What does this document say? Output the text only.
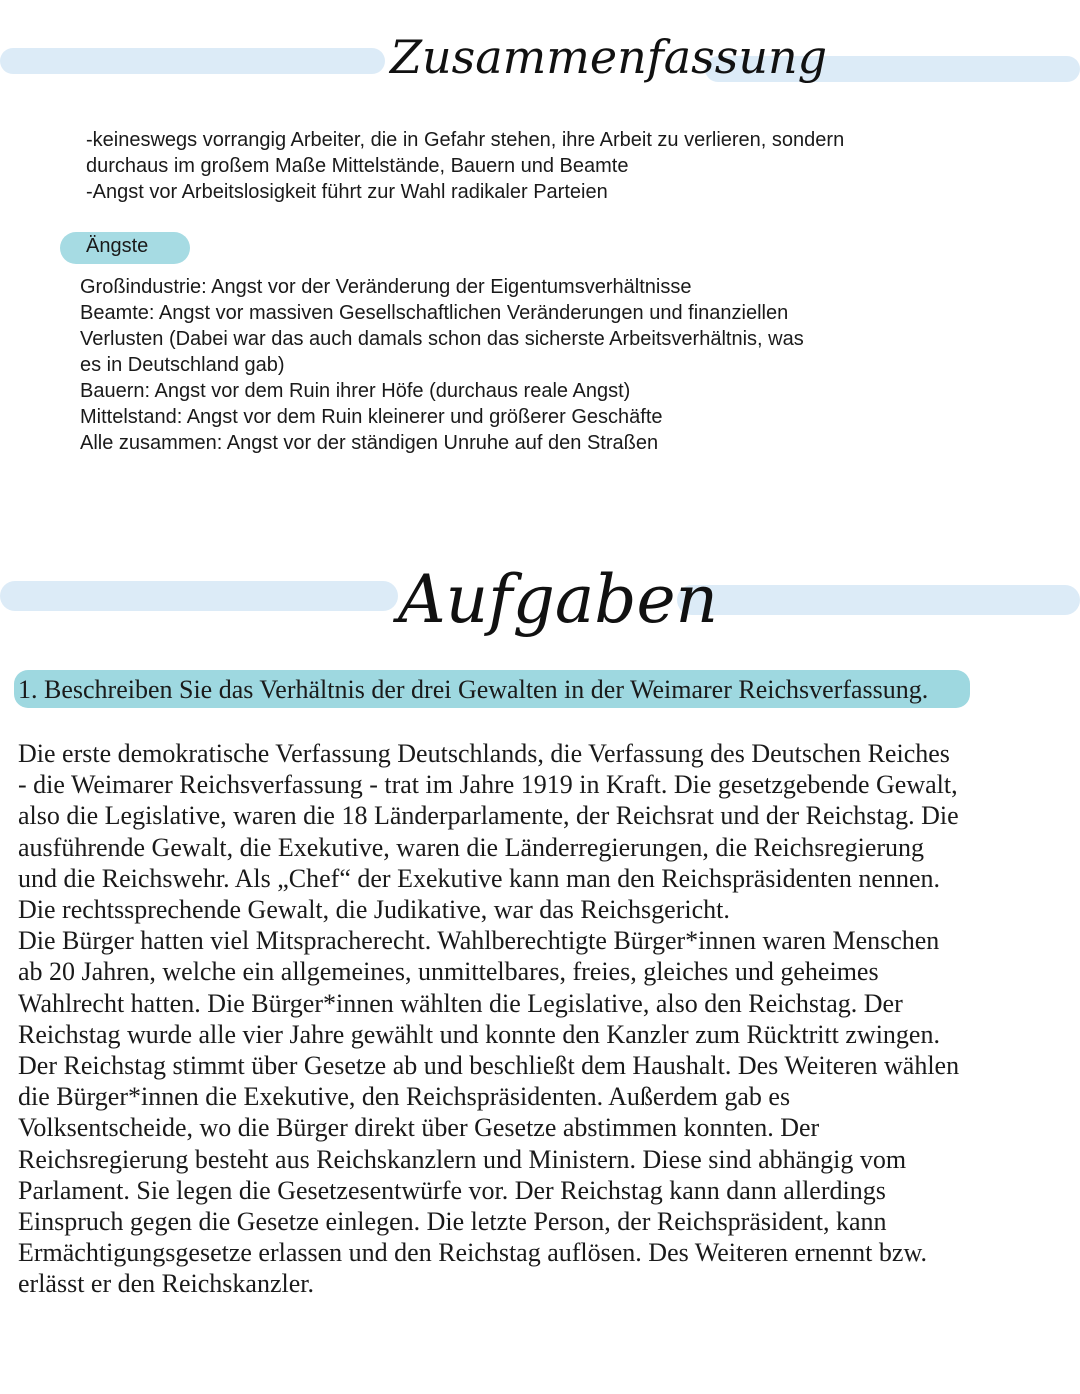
Zusammenfassung
-keineswegs vorrangig Arbeiter, die in Gefahr stehen, ihre Arbeit zu verlieren, sondern
durchaus im großem Maße Mittelstände, Bauern und Beamte
-Angst vor Arbeitslosigkeit führt zur Wahl radikaler Parteien
Ängste
Großindustrie: Angst vor der Veränderung der Eigentumsverhältnisse
Beamte: Angst vor massiven Gesellschaftlichen Veränderungen und finanziellen
Verlusten (Dabei war das auch damals schon das sicherste Arbeitsverhältnis, was
es in Deutschland gab)
Bauern: Angst vor dem Ruin ihrer Höfe (durchaus reale Angst)
Mittelstand: Angst vor dem Ruin kleinerer und größerer Geschäfte
Alle zusammen: Angst vor der ständigen Unruhe auf den Straßen
Aufgaben
1. Beschreiben Sie das Verhältnis der drei Gewalten in der Weimarer Reichsverfassung.
Die erste demokratische Verfassung Deutschlands, die Verfassung des Deutschen Reiches
- die Weimarer Reichsverfassung - trat im Jahre 1919 in Kraft. Die gesetzgebende Gewalt,
also die Legislative, waren die 18 Länderparlamente, der Reichsrat und der Reichstag. Die
ausführende Gewalt, die Exekutive, waren die Länderregierungen, die Reichsregierung
und die Reichswehr. Als „Chef“ der Exekutive kann man den Reichspräsidenten nennen.
Die rechtssprechende Gewalt, die Judikative, war das Reichsgericht.
Die Bürger hatten viel Mitspracherecht. Wahlberechtigte Bürger*innen waren Menschen
ab 20 Jahren, welche ein allgemeines, unmittelbares, freies, gleiches und geheimes
Wahlrecht hatten. Die Bürger*innen wählten die Legislative, also den Reichstag. Der
Reichstag wurde alle vier Jahre gewählt und konnte den Kanzler zum Rücktritt zwingen.
Der Reichstag stimmt über Gesetze ab und beschließt dem Haushalt. Des Weiteren wählen
die Bürger*innen die Exekutive, den Reichspräsidenten. Außerdem gab es
Volksentscheide, wo die Bürger direkt über Gesetze abstimmen konnten. Der
Reichsregierung besteht aus Reichskanzlern und Ministern. Diese sind abhängig vom
Parlament. Sie legen die Gesetzesentwürfe vor. Der Reichstag kann dann allerdings
Einspruch gegen die Gesetze einlegen. Die letzte Person, der Reichspräsident, kann
Ermächtigungsgesetze erlassen und den Reichstag auflösen. Des Weiteren ernennt bzw.
erlässt er den Reichskanzler.
